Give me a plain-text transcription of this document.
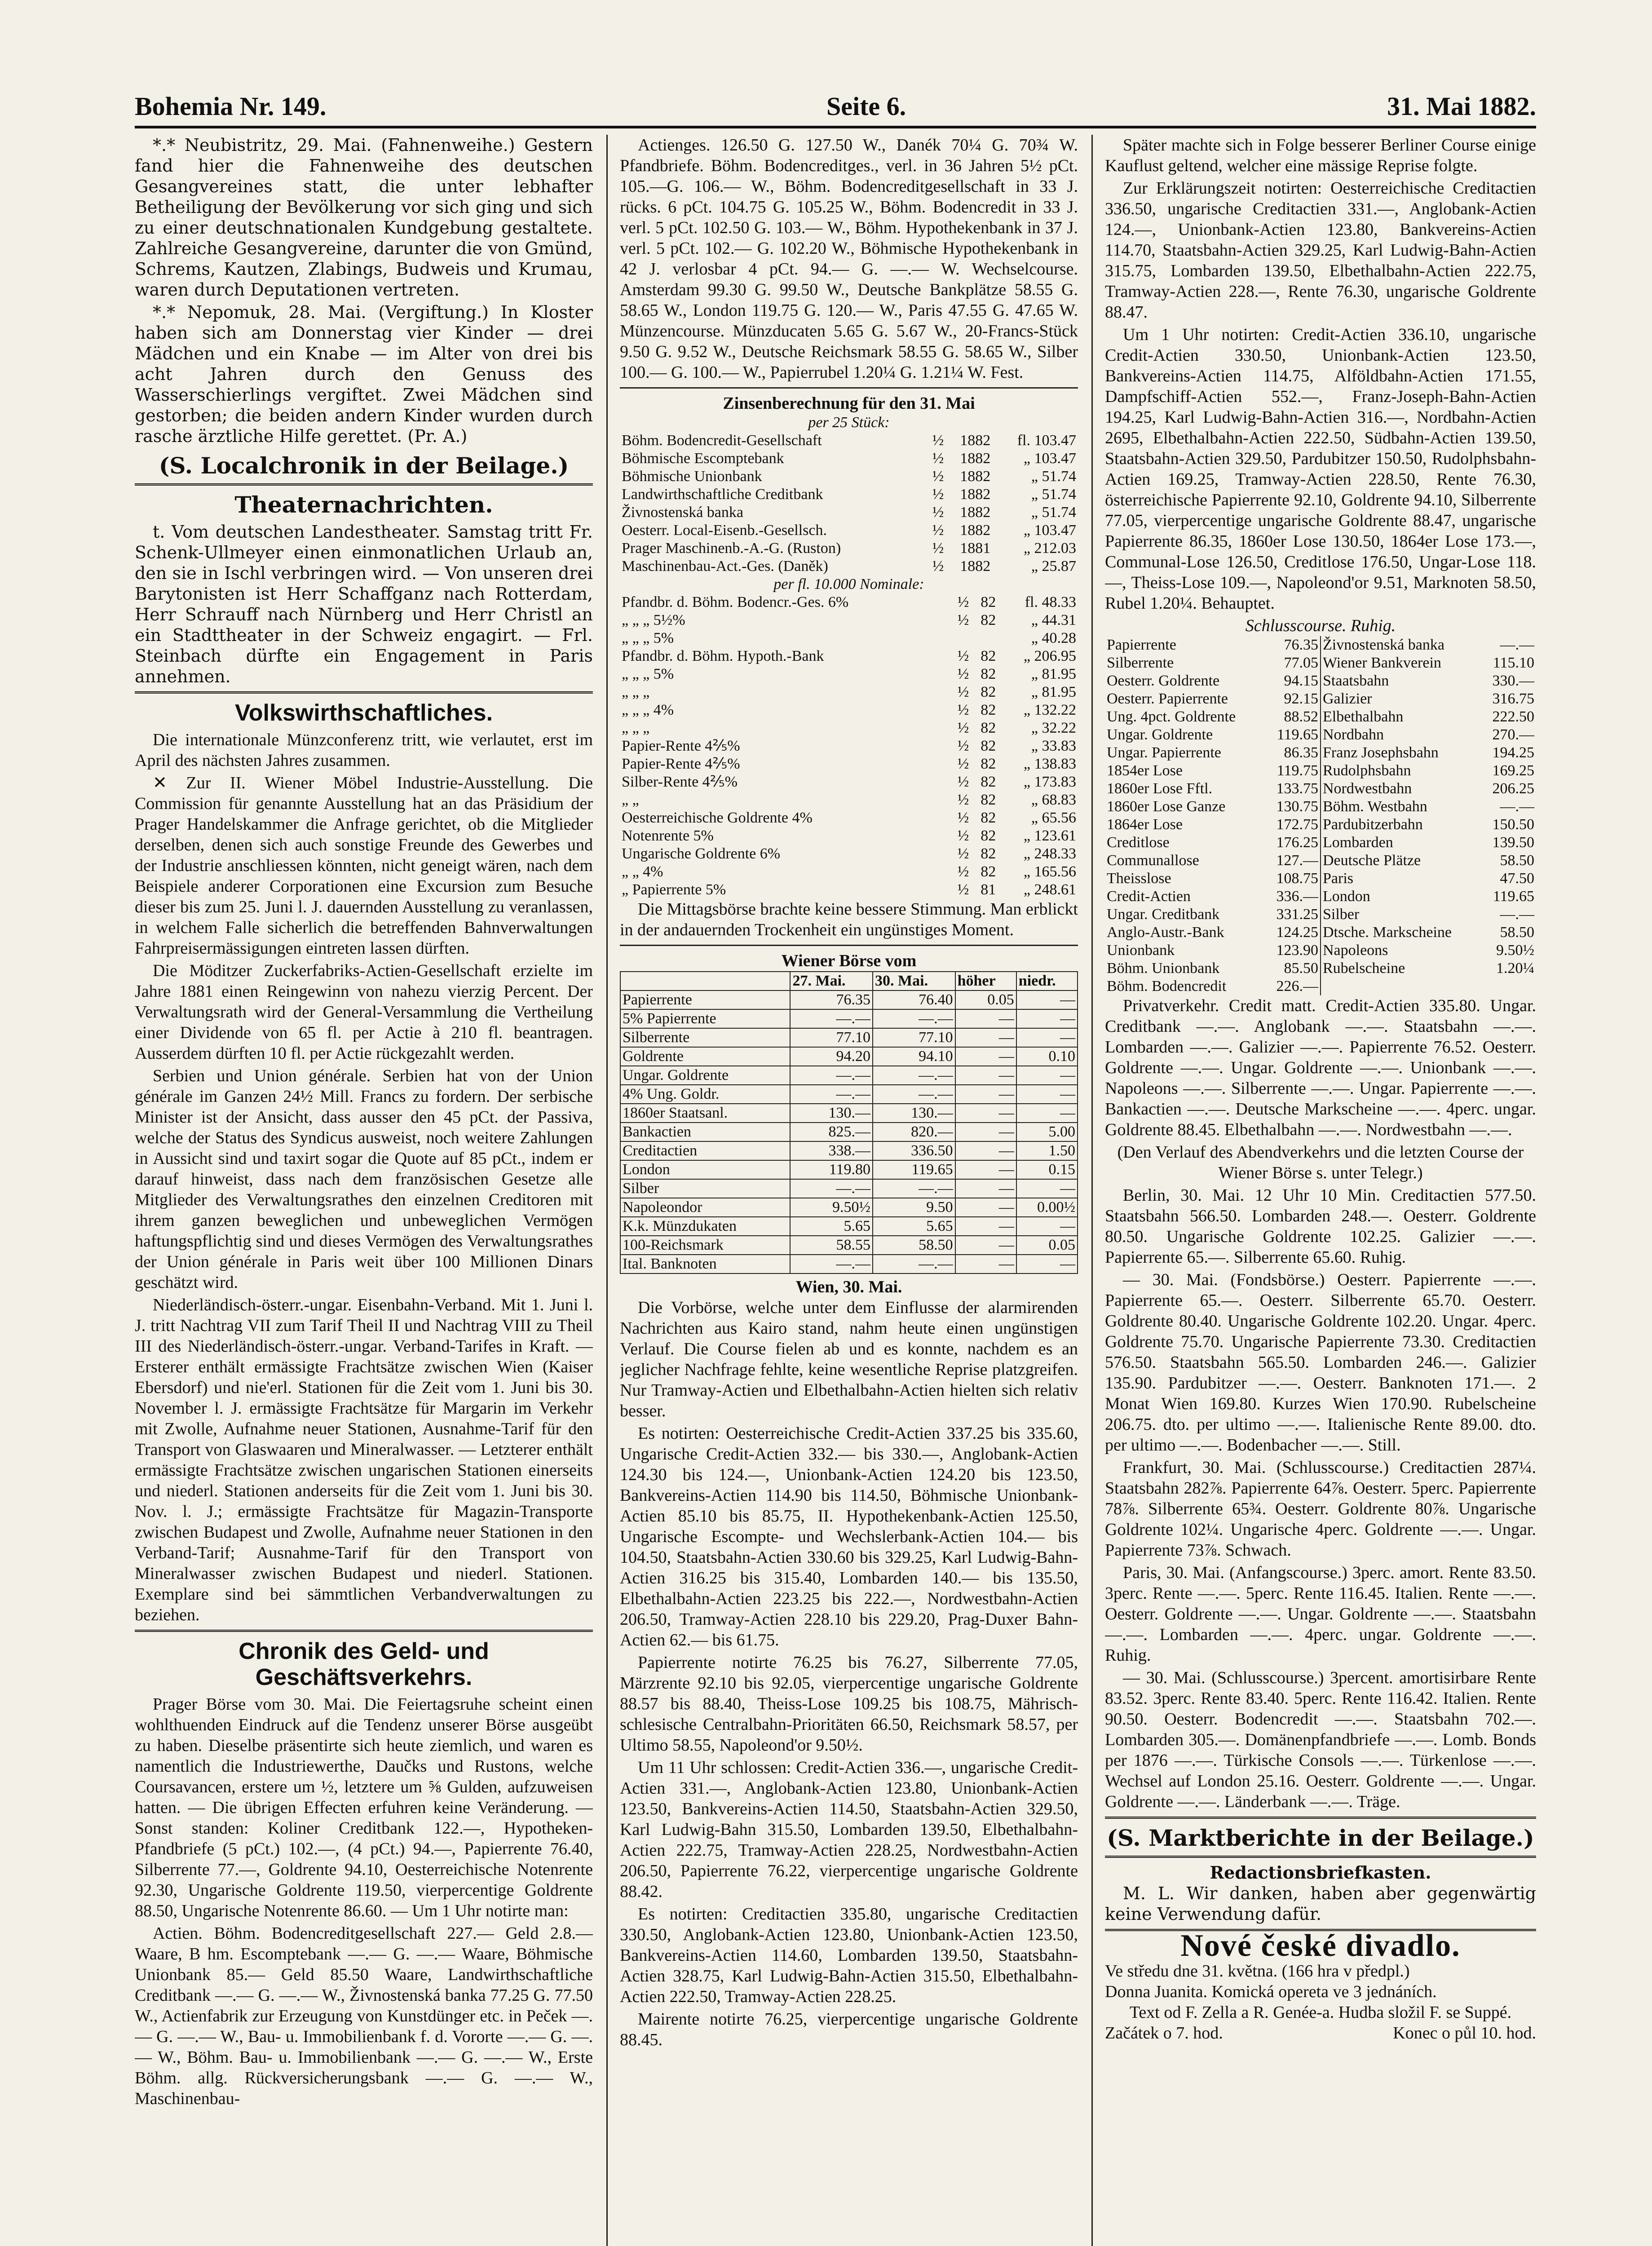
Bohemia Nr. 149.	Seite 6.	31. Mai 1882.

*.* Neubistritz, 29. Mai. (Fahnenweihe.) Gestern fand hier die Fahnenweihe des deutschen Gesangvereines statt, die unter lebhafter Betheiligung der Bevölkerung vor sich ging und sich zu einer deutschnationalen Kundgebung gestaltete. Zahlreiche Gesangvereine, darunter die von Gmünd, Schrems, Kautzen, Zlabings, Budweis und Krumau, waren durch Deputationen vertreten.

*.* Nepomuk, 28. Mai. (Vergiftung.) In Kloster haben sich am Donnerstag vier Kinder — drei Mädchen und ein Knabe — im Alter von drei bis acht Jahren durch den Genuss des Wasserschierlings vergiftet. Zwei Mädchen sind gestorben; die beiden andern Kinder wurden durch rasche ärztliche Hilfe gerettet. (Pr. A.)

(S. Localchronik in der Beilage.)
Theaternachrichten.

t. Vom deutschen Landestheater. Samstag tritt Fr. Schenk-Ullmeyer einen einmonatlichen Urlaub an, den sie in Ischl verbringen wird. — Von unseren drei Barytonisten ist Herr Schaffganz nach Rotterdam, Herr Schrauff nach Nürnberg und Herr Christl an ein Stadttheater in der Schweiz engagirt. — Frl. Steinbach dürfte ein Engagement in Paris annehmen.

Volkswirthschaftliches.

Die internationale Münzconferenz tritt, wie verlautet, erst im April des nächsten Jahres zusammen.

✕ Zur II. Wiener Möbel Industrie-Ausstellung. Die Commission für genannte Ausstellung hat an das Präsidium der Prager Handelskammer die Anfrage gerichtet, ob die Mitglieder derselben, denen sich auch sonstige Freunde des Gewerbes und der Industrie anschliessen könnten, nicht geneigt wären, nach dem Beispiele anderer Corporationen eine Excursion zum Besuche dieser bis zum 25. Juni l. J. dauernden Ausstellung zu veranlassen, in welchem Falle sicherlich die betreffenden Bahnverwaltungen Fahrpreisermässigungen eintreten lassen dürften.

Die Möditzer Zuckerfabriks-Actien-Gesellschaft erzielte im Jahre 1881 einen Reingewinn von nahezu vierzig Percent. Der Verwaltungsrath wird der General-Versammlung die Vertheilung einer Dividende von 65 fl. per Actie à 210 fl. beantragen. Ausserdem dürften 10 fl. per Actie rückgezahlt werden.

Serbien und Union générale. Serbien hat von der Union générale im Ganzen 24½ Mill. Francs zu fordern. Der serbische Minister ist der Ansicht, dass ausser den 45 pCt. der Passiva, welche der Status des Syndicus ausweist, noch weitere Zahlungen in Aussicht sind und taxirt sogar die Quote auf 85 pCt., indem er darauf hinweist, dass nach dem französischen Gesetze alle Mitglieder des Verwaltungsrathes den einzelnen Creditoren mit ihrem ganzen beweglichen und unbeweglichen Vermögen haftungspflichtig sind und dieses Vermögen des Verwaltungsrathes der Union générale in Paris weit über 100 Millionen Dinars geschätzt wird.

Niederländisch-österr.-ungar. Eisenbahn-Verband. Mit 1. Juni l. J. tritt Nachtrag VII zum Tarif Theil II und Nachtrag VIII zu Theil III des Niederländisch-österr.-ungar. Verband-Tarifes in Kraft. — Ersterer enthält ermässigte Frachtsätze zwischen Wien (Kaiser Ebersdorf) und nie'erl. Stationen für die Zeit vom 1. Juni bis 30. November l. J. ermässigte Frachtsätze für Margarin im Verkehr mit Zwolle, Aufnahme neuer Stationen, Ausnahme-Tarif für den Transport von Glaswaaren und Mineralwasser. — Letzterer enthält ermässigte Frachtsätze zwischen ungarischen Stationen einerseits und niederl. Stationen anderseits für die Zeit vom 1. Juni bis 30. Nov. l. J.; ermässigte Frachtsätze für Magazin-Transporte zwischen Budapest und Zwolle, Aufnahme neuer Stationen in den Verband-Tarif; Ausnahme-Tarif für den Transport von Mineralwasser zwischen Budapest und niederl. Stationen. Exemplare sind bei sämmtlichen Verbandverwaltungen zu beziehen.

Chronik des Geld- und Geschäftsverkehrs.

Prager Börse vom 30. Mai. Die Feiertagsruhe scheint einen wohlthuenden Eindruck auf die Tendenz unserer Börse ausgeübt zu haben. Dieselbe präsentirte sich heute ziemlich, und waren es namentlich die Industriewerthe, Daučks und Rustons, welche Coursavancen, erstere um ½, letztere um ⅝ Gulden, aufzuweisen hatten. — Die übrigen Effecten erfuhren keine Veränderung. — Sonst standen: Koliner Creditbank 122.—, Hypotheken-Pfandbriefe (5 pCt.) 102.—, (4 pCt.) 94.—, Papierrente 76.40, Silberrente 77.—, Goldrente 94.10, Oesterreichische Notenrente 92.30, Ungarische Goldrente 119.50, vierpercentige Goldrente 88.50, Ungarische Notenrente 86.60. — Um 1 Uhr notirte man:

Actien. Böhm. Bodencreditgesellschaft 227.— Geld 2.8.— Waare, B hm. Escomptebank —.— G. —.— Waare, Böhmische Unionbank 85.— Geld 85.50 Waare, Landwirthschaftliche Creditbank —.— G. —.— W., Živnostenská banka 77.25 G. 77.50 W., Actienfabrik zur Erzeugung von Kunstdünger etc. in Peček —.— G. —.— W., Bau- u. Immobilienbank f. d. Vororte —.— G. —.— W., Böhm. Bau- u. Immobilienbank —.— G. —.— W., Erste Böhm. allg. Rückversicherungsbank —.— G. —.— W., Maschinenbau-

Actienges. 126.50 G. 127.50 W., Danék 70¼ G. 70¾ W. Pfandbriefe. Böhm. Bodencreditges., verl. in 36 Jahren 5½ pCt. 105.—G. 106.— W., Böhm. Bodencreditgesellschaft in 33 J. rücks. 6 pCt. 104.75 G. 105.25 W., Böhm. Bodencredit in 33 J. verl. 5 pCt. 102.50 G. 103.— W., Böhm. Hypothekenbank in 37 J. verl. 5 pCt. 102.— G. 102.20 W., Böhmische Hypothekenbank in 42 J. verlosbar 4 pCt. 94.— G. —.— W. Wechselcourse. Amsterdam 99.30 G. 99.50 W., Deutsche Bankplätze 58.55 G. 58.65 W., London 119.75 G. 120.— W., Paris 47.55 G. 47.65 W. Münzencourse. Münzducaten 5.65 G. 5.67 W., 20-Francs-Stück 9.50 G. 9.52 W., Deutsche Reichsmark 58.55 G. 58.65 W., Silber 100.— G. 100.— W., Papierrubel 1.20¼ G. 1.21¼ W. Fest.

Zinsenberechnung für den 31. Mai
per 25 Stück:
Böhm. Bodencredit-Gesellschaft	½	1882	fl. 103.47
Böhmische Escomptebank	½	1882	„ 103.47
Böhmische Unionbank	½	1882	„ 51.74
Landwirthschaftliche Creditbank	½	1882	„ 51.74
Živnostenská banka	½	1882	„ 51.74
Oesterr. Local-Eisenb.-Gesellsch.	½	1882	„ 103.47
Prager Maschinenb.-A.-G. (Ruston)	½	1881	„ 212.03
Maschinenbau-Act.-Ges. (Daněk)	½	1882	„ 25.87
per fl. 10.000 Nominale:
Pfandbr. d. Böhm. Bodencr.-Ges. 6%	½	82	fl. 48.33
„ „ „ 5½%	½	82	„ 44.31
„ „ „ 5%			„ 40.28
Pfandbr. d. Böhm. Hypoth.-Bank	½	82	„ 206.95
„ „ „ 5%	½	82	„ 81.95
„ „ „	½	82	„ 81.95
„ „ „ 4%	½	82	„ 132.22
„ „ „	½	82	„ 32.22
Papier-Rente 4⅖%	½	82	„ 33.83
Papier-Rente 4⅖%	½	82	„ 138.83
Silber-Rente 4⅖%	½	82	„ 173.83
„ „	½	82	„ 68.83
Oesterreichische Goldrente 4%	½	82	„ 65.56
Notenrente 5%	½	82	„ 123.61
Ungarische Goldrente 6%	½	82	„ 248.33
„ „ 4%	½	82	„ 165.56
„ Papierrente 5%	½	81	„ 248.61

Die Mittagsbörse brachte keine bessere Stimmung. Man erblickt in der andauernden Trockenheit ein ungünstiges Moment.

Wiener Börse vom
	27. Mai.	30. Mai.	höher	niedr.
Papierrente	76.35	76.40	0.05	—
5% Papierrente	—.—	—.—	—	—
Silberrente	77.10	77.10	—	—
Goldrente	94.20	94.10	—	0.10
Ungar. Goldrente	—.—	—.—	—	—
4% Ung. Goldr.	—.—	—.—	—	—
1860er Staatsanl.	130.—	130.—	—	—
Bankactien	825.—	820.—	—	5.00
Creditactien	338.—	336.50	—	1.50
London	119.80	119.65	—	0.15
Silber	—.—	—.—	—	—
Napoleondor	9.50½	9.50	—	0.00½
K.k. Münzdukaten	5.65	5.65	—	—
100-Reichsmark	58.55	58.50	—	0.05
Ital. Banknoten	—.—	—.—	—	—
Wien, 30. Mai.

Die Vorbörse, welche unter dem Einflusse der alarmirenden Nachrichten aus Kairo stand, nahm heute einen ungünstigen Verlauf. Die Course fielen ab und es konnte, nachdem es an jeglicher Nachfrage fehlte, keine wesentliche Reprise platzgreifen. Nur Tramway-Actien und Elbethalbahn-Actien hielten sich relativ besser.

Es notirten: Oesterreichische Credit-Actien 337.25 bis 335.60, Ungarische Credit-Actien 332.— bis 330.—, Anglobank-Actien 124.30 bis 124.—, Unionbank-Actien 124.20 bis 123.50, Bankvereins-Actien 114.90 bis 114.50, Böhmische Unionbank-Actien 85.10 bis 85.75, II. Hypothekenbank-Actien 125.50, Ungarische Escompte- und Wechslerbank-Actien 104.— bis 104.50, Staatsbahn-Actien 330.60 bis 329.25, Karl Ludwig-Bahn-Actien 316.25 bis 315.40, Lombarden 140.— bis 135.50, Elbethalbahn-Actien 223.25 bis 222.—, Nordwestbahn-Actien 206.50, Tramway-Actien 228.10 bis 229.20, Prag-Duxer Bahn-Actien 62.— bis 61.75.

Papierrente notirte 76.25 bis 76.27, Silberrente 77.05, Märzrente 92.10 bis 92.05, vierpercentige ungarische Goldrente 88.57 bis 88.40, Theiss-Lose 109.25 bis 108.75, Mährisch-schlesische Centralbahn-Prioritäten 66.50, Reichsmark 58.57, per Ultimo 58.55, Napoleond'or 9.50½.

Um 11 Uhr schlossen: Credit-Actien 336.—, ungarische Credit-Actien 331.—, Anglobank-Actien 123.80, Unionbank-Actien 123.50, Bankvereins-Actien 114.50, Staatsbahn-Actien 329.50, Karl Ludwig-Bahn 315.50, Lombarden 139.50, Elbethalbahn-Actien 222.75, Tramway-Actien 228.25, Nordwestbahn-Actien 206.50, Papierrente 76.22, vierpercentige ungarische Goldrente 88.42.

Es notirten: Creditactien 335.80, ungarische Creditactien 330.50, Anglobank-Actien 123.80, Unionbank-Actien 123.50, Bankvereins-Actien 114.60, Lombarden 139.50, Staatsbahn-Actien 328.75, Karl Ludwig-Bahn-Actien 315.50, Elbethalbahn-Actien 222.50, Tramway-Actien 228.25.

Mairente notirte 76.25, vierpercentige ungarische Goldrente 88.45.

Später machte sich in Folge besserer Berliner Course einige Kauflust geltend, welcher eine mässige Reprise folgte.

Zur Erklärungszeit notirten: Oesterreichische Creditactien 336.50, ungarische Creditactien 331.—, Anglobank-Actien 124.—, Unionbank-Actien 123.80, Bankvereins-Actien 114.70, Staatsbahn-Actien 329.25, Karl Ludwig-Bahn-Actien 315.75, Lombarden 139.50, Elbethalbahn-Actien 222.75, Tramway-Actien 228.—, Rente 76.30, ungarische Goldrente 88.47.

Um 1 Uhr notirten: Credit-Actien 336.10, ungarische Credit-Actien 330.50, Unionbank-Actien 123.50, Bankvereins-Actien 114.75, Alföldbahn-Actien 171.55, Dampfschiff-Actien 552.—, Franz-Joseph-Bahn-Actien 194.25, Karl Ludwig-Bahn-Actien 316.—, Nordbahn-Actien 2695, Elbethalbahn-Actien 222.50, Südbahn-Actien 139.50, Staatsbahn-Actien 329.50, Pardubitzer 150.50, Rudolphsbahn-Actien 169.25, Tramway-Actien 228.50, Rente 76.30, österreichische Papierrente 92.10, Goldrente 94.10, Silberrente 77.05, vierpercentige ungarische Goldrente 88.47, ungarische Papierrente 86.35, 1860er Lose 130.50, 1864er Lose 173.—, Communal-Lose 126.50, Creditlose 176.50, Ungar-Lose 118.—, Theiss-Lose 109.—, Napoleond'or 9.51, Marknoten 58.50, Rubel 1.20¼. Behauptet.

Schlusscourse. Ruhig.
Papierrente	76.35	Živnostenská banka	—.—
Silberrente	77.05	Wiener Bankverein	115.10
Oesterr. Goldrente	94.15	Staatsbahn	330.—
Oesterr. Papierrente	92.15	Galizier	316.75
Ung. 4pct. Goldrente	88.52	Elbethalbahn	222.50
Ungar. Goldrente	119.65	Nordbahn	270.—
Ungar. Papierrente	86.35	Franz Josephsbahn	194.25
1854er Lose	119.75	Rudolphsbahn	169.25
1860er Lose Fftl.	133.75	Nordwestbahn	206.25
1860er Lose Ganze	130.75	Böhm. Westbahn	—.—
1864er Lose	172.75	Pardubitzerbahn	150.50
Creditlose	176.25	Lombarden	139.50
Communallose	127.—	Deutsche Plätze	58.50
Theisslose	108.75	Paris	47.50
Credit-Actien	336.—	London	119.65
Ungar. Creditbank	331.25	Silber	—.—
Anglo-Austr.-Bank	124.25	Dtsche. Markscheine	58.50
Unionbank	123.90	Napoleons	9.50½
Böhm. Unionbank	85.50	Rubelscheine	1.20¼
Böhm. Bodencredit	226.—		

Privatverkehr. Credit matt. Credit-Actien 335.80. Ungar. Creditbank —.—. Anglobank —.—. Staatsbahn —.—. Lombarden —.—. Galizier —.—. Papierrente 76.52. Oesterr. Goldrente —.—. Ungar. Goldrente —.—. Unionbank —.—. Napoleons —.—. Silberrente —.—. Ungar. Papierrente —.—. Bankactien —.—. Deutsche Markscheine —.—. 4perc. ungar. Goldrente 88.45. Elbethalbahn —.—. Nordwestbahn —.—.

(Den Verlauf des Abendverkehrs und die letzten Course der Wiener Börse s. unter Telegr.)

Berlin, 30. Mai. 12 Uhr 10 Min. Creditactien 577.50. Staatsbahn 566.50. Lombarden 248.—. Oesterr. Goldrente 80.50. Ungarische Goldrente 102.25. Galizier —.—. Papierrente 65.—. Silberrente 65.60. Ruhig.

— 30. Mai. (Fondsbörse.) Oesterr. Papierrente —.—. Papierrente 65.—. Oesterr. Silberrente 65.70. Oesterr. Goldrente 80.40. Ungarische Goldrente 102.20. Ungar. 4perc. Goldrente 75.70. Ungarische Papierrente 73.30. Creditactien 576.50. Staatsbahn 565.50. Lombarden 246.—. Galizier 135.90. Pardubitzer —.—. Oesterr. Banknoten 171.—. 2 Monat Wien 169.80. Kurzes Wien 170.90. Rubelscheine 206.75. dto. per ultimo —.—. Italienische Rente 89.00. dto. per ultimo —.—. Bodenbacher —.—. Still.

Frankfurt, 30. Mai. (Schlusscourse.) Creditactien 287¼. Staatsbahn 282⅞. Papierrente 64⅞. Oesterr. 5perc. Papierrente 78⅞. Silberrente 65¾. Oesterr. Goldrente 80⅞. Ungarische Goldrente 102¼. Ungarische 4perc. Goldrente —.—. Ungar. Papierrente 73⅞. Schwach.

Paris, 30. Mai. (Anfangscourse.) 3perc. amort. Rente 83.50. 3perc. Rente —.—. 5perc. Rente 116.45. Italien. Rente —.—. Oesterr. Goldrente —.—. Ungar. Goldrente —.—. Staatsbahn —.—. Lombarden —.—. 4perc. ungar. Goldrente —.—. Ruhig.

— 30. Mai. (Schlusscourse.) 3percent. amortisirbare Rente 83.52. 3perc. Rente 83.40. 5perc. Rente 116.42. Italien. Rente 90.50. Oesterr. Bodencredit —.—. Staatsbahn 702.—. Lombarden 305.—. Domänenpfandbriefe —.—. Lomb. Bonds per 1876 —.—. Türkische Consols —.—. Türkenlose —.—. Wechsel auf London 25.16. Oesterr. Goldrente —.—. Ungar. Goldrente —.—. Länderbank —.—. Träge.

(S. Marktberichte in der Beilage.)
Redactionsbriefkasten.

M. L. Wir danken, haben aber gegenwärtig keine Verwendung dafür.

Nové české divadlo.
Ve středu dne 31. května. (166 hra v předpl.)
Donna Juanita. Komická opereta ve 3 jednáních.
Text od F. Zella a R. Genée-a. Hudba složil F. se Suppé.
Začátek o 7. hod.	Konec o půl 10. hod.
